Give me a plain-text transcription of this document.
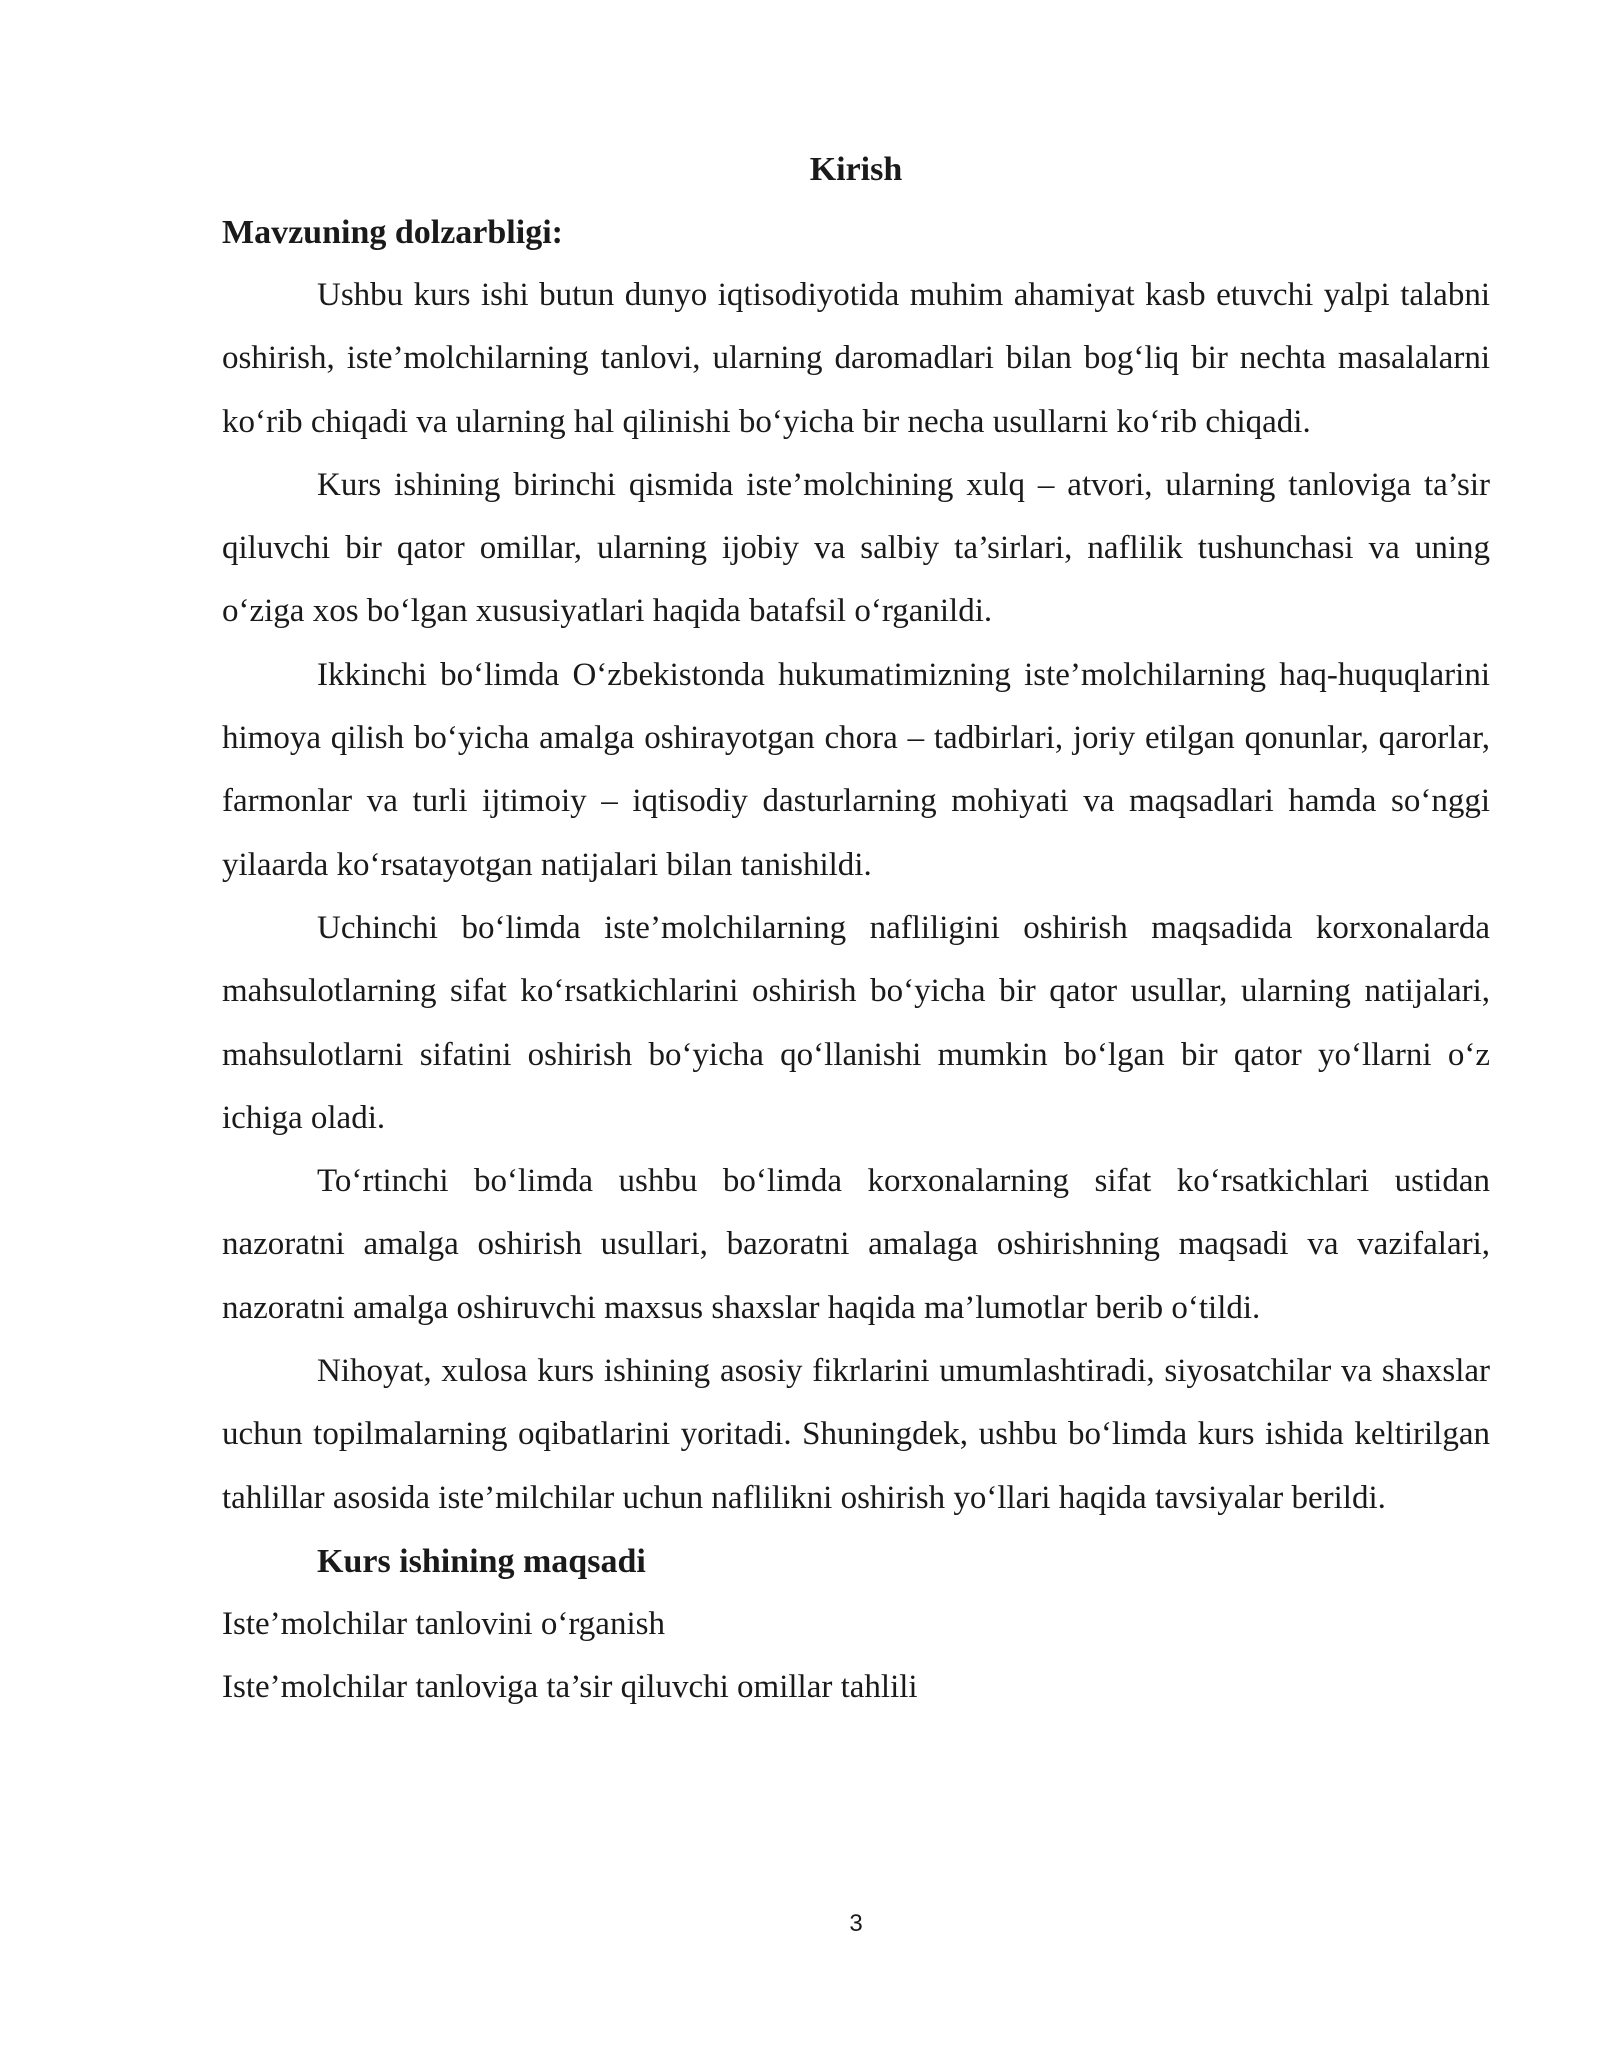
Kirish
Mavzuning dolzarbligi:

Ushbu kurs ishi butun dunyo iqtisodiyotida muhim ahamiyat kasb etuvchi yalpi talabni oshirish, iste’molchilarning tanlovi, ularning daromadlari bilan bog‘liq bir nechta masalalarni ko‘rib chiqadi va ularning hal qilinishi bo‘yicha bir necha usullarni ko‘rib chiqadi.

Kurs ishining birinchi qismida iste’molchining xulq – atvori, ularning tanloviga ta’sir qiluvchi bir qator omillar, ularning ijobiy va salbiy ta’sirlari, naflilik tushunchasi va uning o‘ziga xos bo‘lgan xususiyatlari haqida batafsil o‘rganildi.

Ikkinchi bo‘limda O‘zbekistonda hukumatimizning iste’molchilarning haq-huquqlarini himoya qilish bo‘yicha amalga oshirayotgan chora – tadbirlari, joriy etilgan qonunlar, qarorlar, farmonlar va turli ijtimoiy – iqtisodiy dasturlarning mohiyati va maqsadlari hamda so‘nggi yilaarda ko‘rsatayotgan natijalari bilan tanishildi.

Uchinchi bo‘limda iste’molchilarning nafliligini oshirish maqsadida korxonalarda mahsulotlarning sifat ko‘rsatkichlarini oshirish bo‘yicha bir qator usullar, ularning natijalari, mahsulotlarni sifatini oshirish bo‘yicha qo‘llanishi mumkin bo‘lgan bir qator yo‘llarni o‘z ichiga oladi.

To‘rtinchi bo‘limda ushbu bo‘limda korxonalarning sifat ko‘rsatkichlari ustidan nazoratni amalga oshirish usullari, bazoratni amalaga oshirishning maqsadi va vazifalari, nazoratni amalga oshiruvchi maxsus shaxslar haqida ma’lumotlar berib o‘tildi.

Nihoyat, xulosa kurs ishining asosiy fikrlarini umumlashtiradi, siyosatchilar va shaxslar uchun topilmalarning oqibatlarini yoritadi. Shuningdek, ushbu bo‘limda kurs ishida keltirilgan tahlillar asosida iste’milchilar uchun naflilikni oshirish yo‘llari haqida tavsiyalar berildi.

Kurs ishining maqsadi

Iste’molchilar tanlovini o‘rganish

Iste’molchilar tanloviga ta’sir qiluvchi omillar tahlili

3
